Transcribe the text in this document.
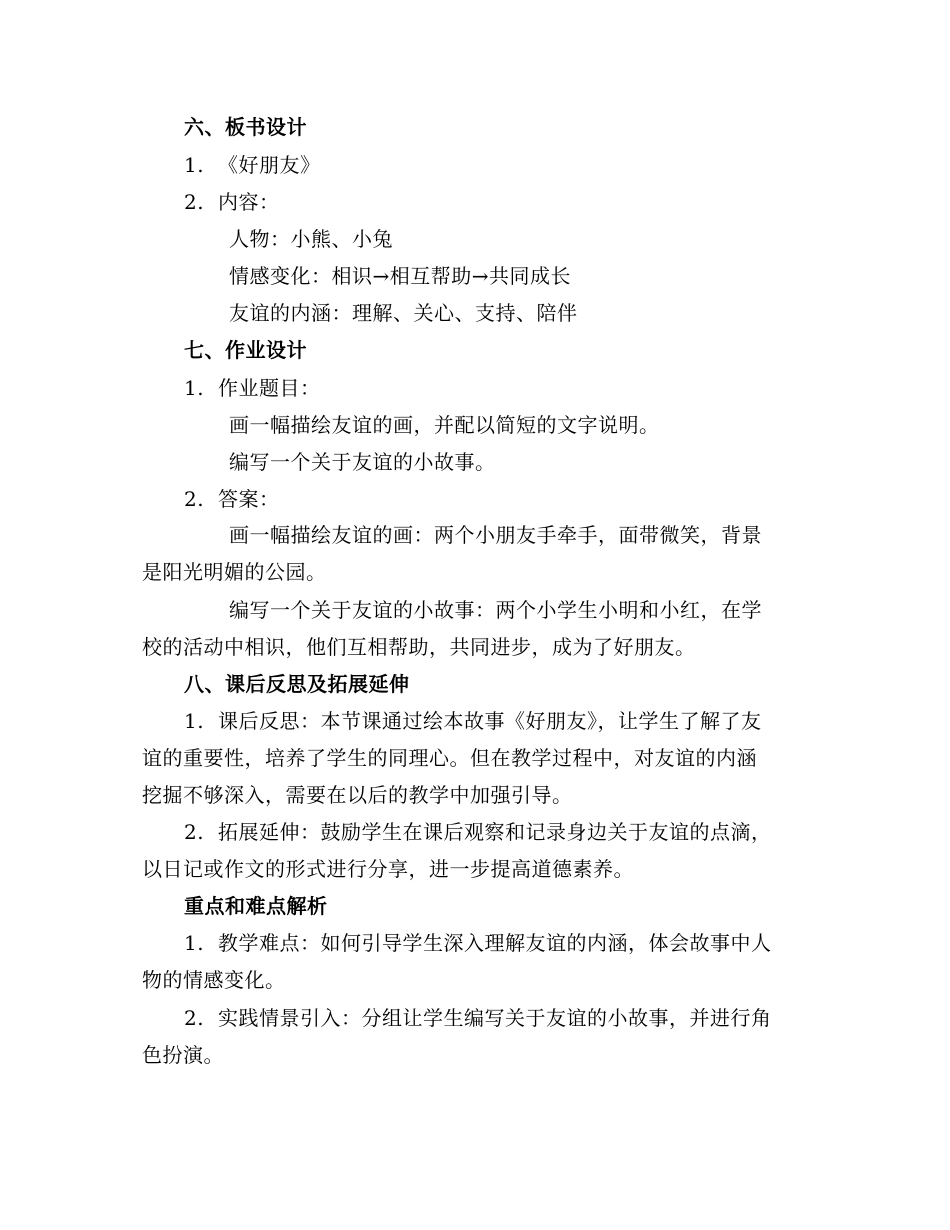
六、板书设计
1. 《好朋友》
2. 内容：
人物：小熊、小兔
情感变化：相识→相互帮助→共同成长
友谊的内涵：理解、关心、支持、陪伴
七、作业设计
1. 作业题目：
画一幅描绘友谊的画，并配以简短的文字说明。
编写一个关于友谊的小故事。
2. 答案：
画一幅描绘友谊的画：两个小朋友手牵手，面带微笑，背景
是阳光明媚的公园。
编写一个关于友谊的小故事：两个小学生小明和小红，在学
校的活动中相识，他们互相帮助，共同进步，成为了好朋友。
八、课后反思及拓展延伸
1. 课后反思：本节课通过绘本故事《好朋友》，让学生了解了友
谊的重要性，培养了学生的同理心。但在教学过程中，对友谊的内涵
挖掘不够深入，需要在以后的教学中加强引导。
2. 拓展延伸：鼓励学生在课后观察和记录身边关于友谊的点滴，
以日记或作文的形式进行分享，进一步提高道德素养。
重点和难点解析
1. 教学难点：如何引导学生深入理解友谊的内涵，体会故事中人
物的情感变化。
2. 实践情景引入：分组让学生编写关于友谊的小故事，并进行角
色扮演。
